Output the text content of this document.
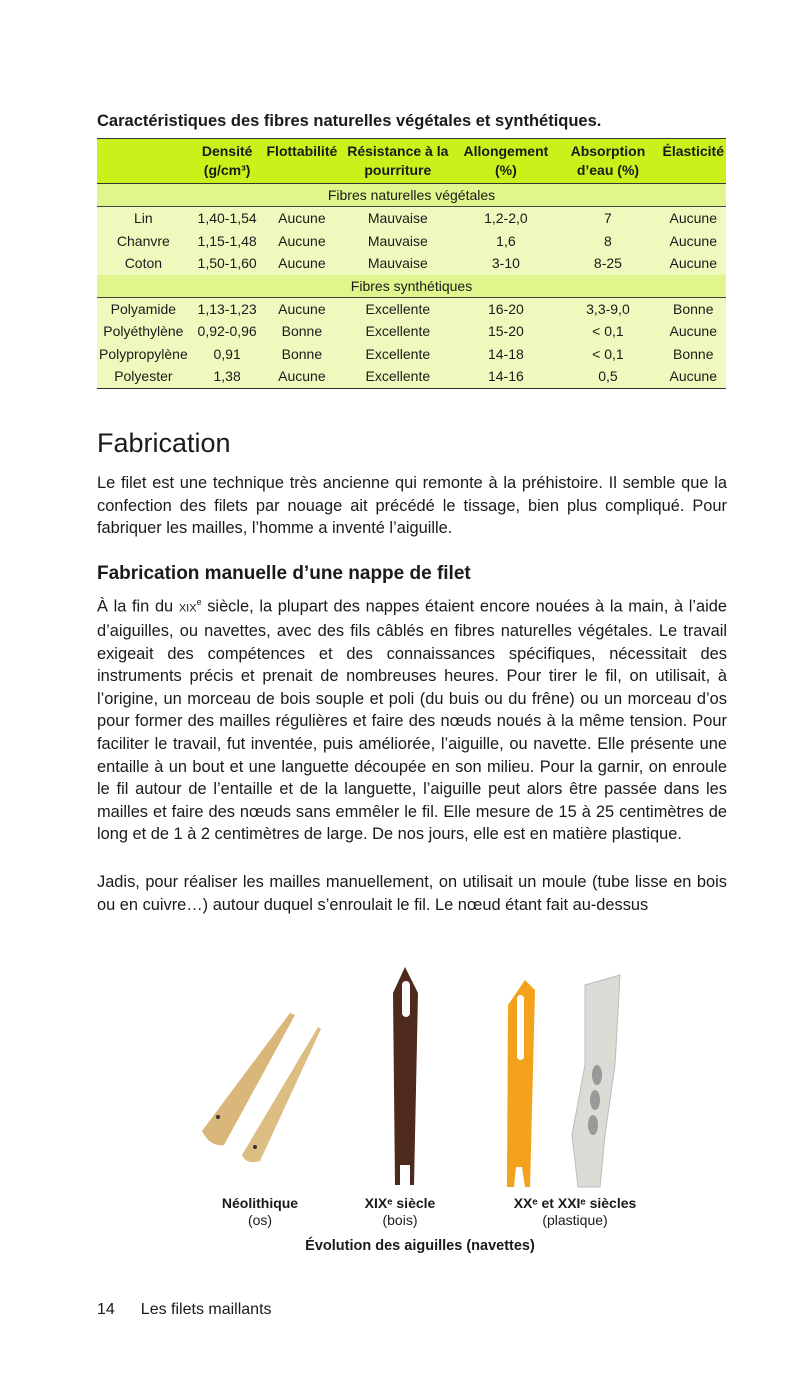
Caractéristiques des fibres naturelles végétales et synthétiques.
	Densité (g/cm³)	Flottabilité	Résistance à la pourriture	Allongement (%)	Absorption d’eau (%)	Élasticité
Fibres naturelles végétales						
Lin	1,40-1,54	Aucune	Mauvaise	1,2-2,0	7	Aucune
Chanvre	1,15-1,48	Aucune	Mauvaise	1,6	8	Aucune
Coton	1,50-1,60	Aucune	Mauvaise	3-10	8-25	Aucune
Fibres synthétiques						
Polyamide	1,13-1,23	Aucune	Excellente	16-20	3,3-9,0	Bonne
Polyéthylène	0,92-0,96	Bonne	Excellente	15-20	< 0,1	Aucune
Polypropylène	0,91	Bonne	Excellente	14-18	< 0,1	Bonne
Polyester	1,38	Aucune	Excellente	14-16	0,5	Aucune
Fabrication

Le filet est une technique très ancienne qui remonte à la préhistoire. Il semble que la confection des filets par nouage ait précédé le tissage, bien plus compliqué. Pour fabriquer les mailles, l’homme a inventé l’aiguille.

Fabrication manuelle d’une nappe de filet

À la fin du XIXe siècle, la plupart des nappes étaient encore nouées à la main, à l’aide d’aiguilles, ou navettes, avec des fils câblés en fibres naturelles végétales. Le travail exigeait des compétences et des connaissances spécifiques, nécessitait des instruments précis et prenait de nombreuses heures. Pour tirer le fil, on utilisait, à l’origine, un morceau de bois souple et poli (du buis ou du frêne) ou un morceau d’os pour former des mailles régulières et faire des nœuds noués à la même tension. Pour faciliter le travail, fut inventée, puis améliorée, l’aiguille, ou navette. Elle présente une entaille à un bout et une languette découpée en son milieu. Pour la garnir, on enroule le fil autour de l’entaille et de la languette, l’aiguille peut alors être passée dans les mailles et faire des nœuds sans emmêler le fil. Elle mesure de 15 à 25 centimètres de long et de 1 à 2 centimètres de large. De nos jours, elle est en matière plastique.

Jadis, pour réaliser les mailles manuellement, on utilisait un moule (tube lisse en bois ou en cuivre…) autour duquel s’enroulait le fil. Le nœud étant fait au-dessus

Néolithique
(os)
XIXᵉ siècle
(bois)
XXᵉ et XXIᵉ siècles
(plastique)
Évolution des aiguilles (navettes)
14 Les filets maillants
